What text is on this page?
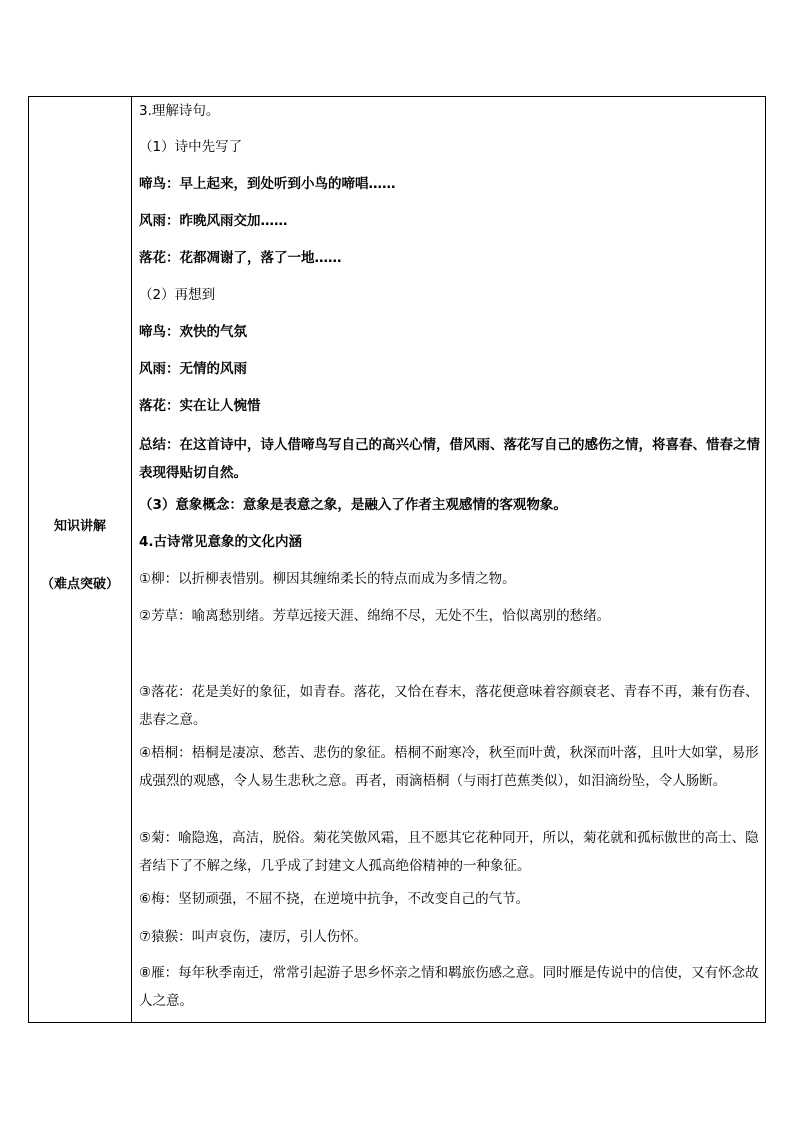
知识讲解
（难点突破）
3.理解诗句。
（1）诗中先写了
啼鸟：早上起来，到处听到小鸟的啼唱……
风雨：昨晚风雨交加……
落花：花都凋谢了，落了一地……
（2）再想到
啼鸟：欢快的气氛
风雨：无情的风雨
落花：实在让人惋惜
总结：在这首诗中，诗人借啼鸟写自己的高兴心情，借风雨、落花写自己的感伤之情，将喜春、惜春之情表现得贴切自然。
（3）意象概念：意象是表意之象，是融入了作者主观感情的客观物象。
4.古诗常见意象的文化内涵
①柳：以折柳表惜别。柳因其缠绵柔长的特点而成为多情之物。
②芳草：喻离愁别绪。芳草远接天涯、绵绵不尽，无处不生，恰似离别的愁绪。
③落花：花是美好的象征，如青春。落花，又恰在春末，落花便意味着容颜衰老、青春不再，兼有伤春、悲春之意。
④梧桐：梧桐是凄凉、愁苦、悲伤的象征。梧桐不耐寒冷，秋至而叶黄，秋深而叶落，且叶大如掌，易形成强烈的观感，令人易生悲秋之意。再者，雨滴梧桐（与雨打芭蕉类似），如泪滴纷坠，令人肠断。
⑤菊：喻隐逸，高洁，脱俗。菊花笑傲风霜，且不愿其它花种同开，所以，菊花就和孤标傲世的高士、隐者结下了不解之缘，几乎成了封建文人孤高绝俗精神的一种象征。
⑥梅：坚韧顽强，不屈不挠，在逆境中抗争，不改变自己的气节。
⑦猿猴：叫声哀伤，凄厉，引人伤怀。
⑧雁：每年秋季南迁，常常引起游子思乡怀亲之情和羁旅伤感之意。同时雁是传说中的信使，又有怀念故人之意。
